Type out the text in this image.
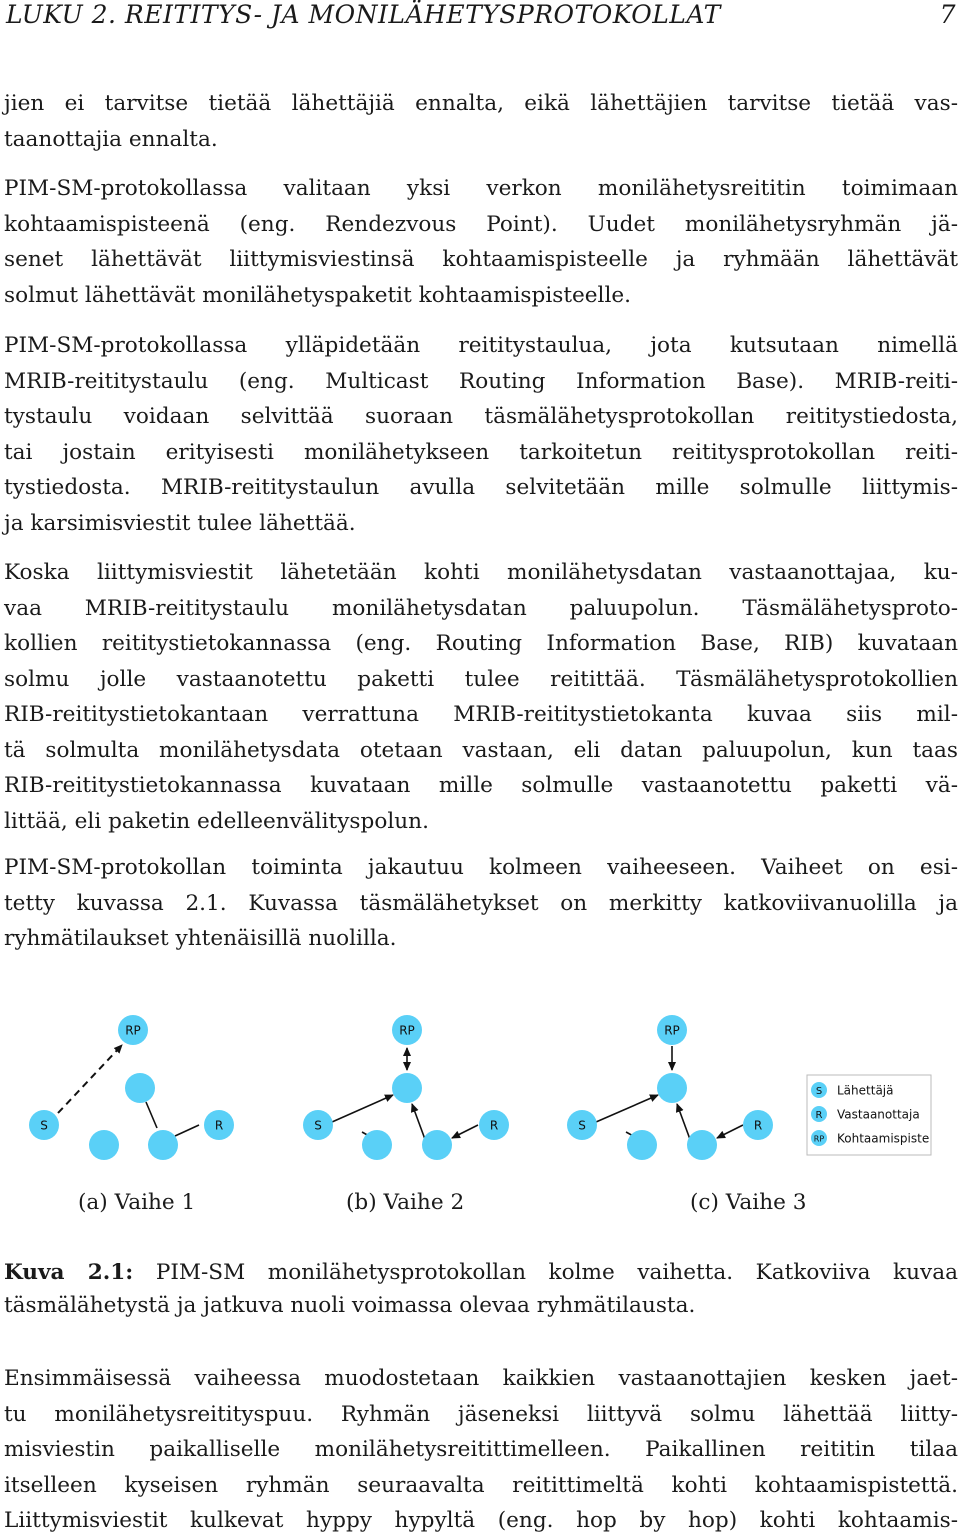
LUKU 2. REITITYS- JA MONILÄHETYSPROTOKOLLAT	7
jien ei tarvitse tietää lähettäjiä ennalta, eikä lähettäjien tarvitse tietää vas-
taanottajia ennalta.
PIM-SM-protokollassa valitaan yksi verkon monilähetysreititin toimimaan
kohtaamispisteenä (eng. Rendezvous Point). Uudet monilähetysryhmän jä-
senet lähettävät liittymisviestinsä kohtaamispisteelle ja ryhmään lähettävät
solmut lähettävät monilähetyspaketit kohtaamispisteelle.
PIM-SM-protokollassa ylläpidetään reititystaulua, jota kutsutaan nimellä
MRIB-reititystaulu (eng. Multicast Routing Information Base). MRIB-reiti-
tystaulu voidaan selvittää suoraan täsmälähetysprotokollan reititystiedosta,
tai jostain erityisesti monilähetykseen tarkoitetun reititysprotokollan reiti-
tystiedosta. MRIB-reititystaulun avulla selvitetään mille solmulle liittymis-
ja karsimisviestit tulee lähettää.
Koska liittymisviestit lähetetään kohti monilähetysdatan vastaanottajaa, ku-
vaa MRIB-reititystaulu monilähetysdatan paluupolun. Täsmälähetysproto-
kollien reititystietokannassa (eng. Routing Information Base, RIB) kuvataan
solmu jolle vastaanotettu paketti tulee reitittää. Täsmälähetysprotokollien
RIB-reititystietokantaan verrattuna MRIB-reititystietokanta kuvaa siis mil-
tä solmulta monilähetysdata otetaan vastaan, eli datan paluupolun, kun taas
RIB-reititystietokannassa kuvataan mille solmulle vastaanotettu paketti vä-
littää, eli paketin edelleenvälityspolun.
PIM-SM-protokollan toiminta jakautuu kolmeen vaiheeseen. Vaiheet on esi-
tetty kuvassa 2.1. Kuvassa täsmälähetykset on merkitty katkoviivanuolilla ja
ryhmätilaukset yhtenäisillä nuolilla.
RP
S	R
RP
S	R
RP
S	R
S Lähettäjä
R Vastaanottaja
RP Kohtaamispiste
(a) Vaihe 1	(b) Vaihe 2	(c) Vaihe 3
Kuva 2.1: PIM-SM monilähetysprotokollan kolme vaihetta. Katkoviiva kuvaa
täsmälähetystä ja jatkuva nuoli voimassa olevaa ryhmätilausta.
Ensimmäisessä vaiheessa muodostetaan kaikkien vastaanottajien kesken jaet-
tu monilähetysreitityspuu. Ryhmän jäseneksi liittyvä solmu lähettää liitty-
misviestin paikalliselle monilähetysreitittimelleen. Paikallinen reititin tilaa
itselleen kyseisen ryhmän seuraavalta reitittimeltä kohti kohtaamispistettä.
Liittymisviestit kulkevat hyppy hypyltä (eng. hop by hop) kohti kohtaamis-
